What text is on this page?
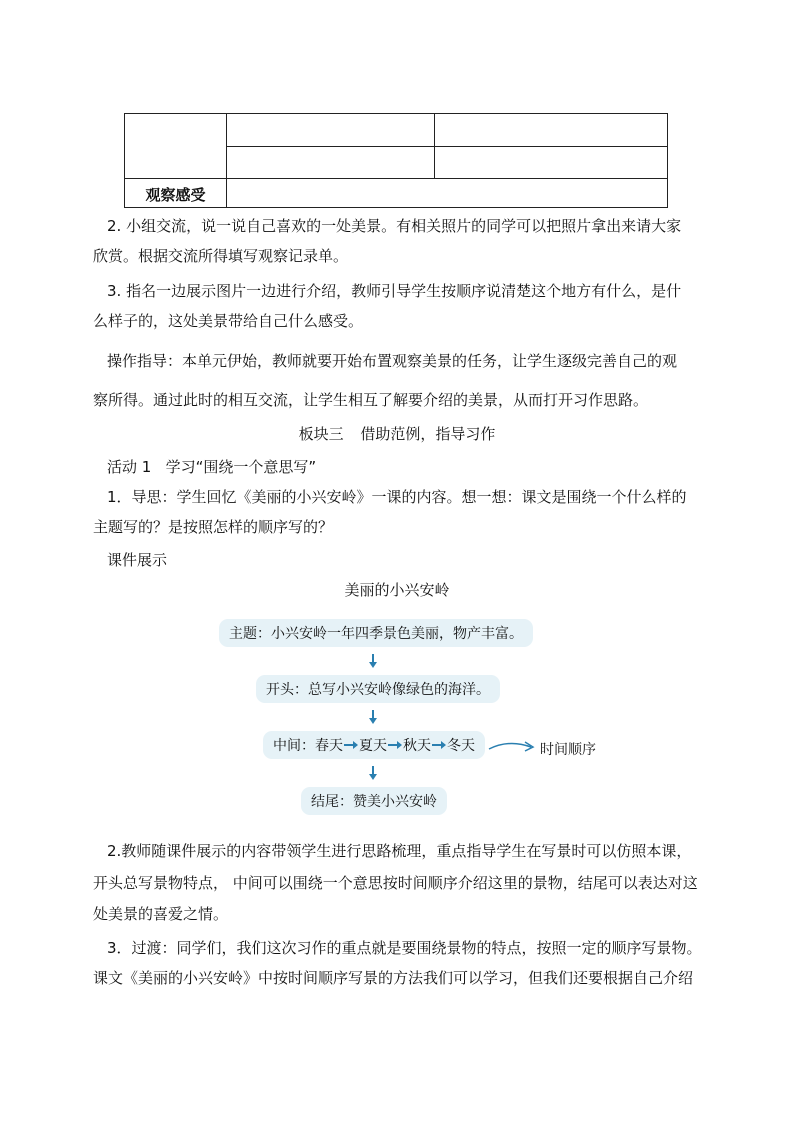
观察感受
2. 小组交流，说一说自己喜欢的一处美景。有相关照片的同学可以把照片拿出来请大家
欣赏。根据交流所得填写观察记录单。
3. 指名一边展示图片一边进行介绍，教师引导学生按顺序说清楚这个地方有什么，是什
么样子的，这处美景带给自己什么感受。
操作指导：本单元伊始，教师就要开始布置观察美景的任务，让学生逐级完善自己的观
察所得。通过此时的相互交流，让学生相互了解要介绍的美景，从而打开习作思路。
板块三 借助范例，指导习作
活动 1 学习“围绕一个意思写”
1．导思：学生回忆《美丽的小兴安岭》一课的内容。想一想：课文是围绕一个什么样的
主题写的？是按照怎样的顺序写的？
课件展示
美丽的小兴安岭
主题：小兴安岭一年四季景色美丽，物产丰富。
开头：总写小兴安岭像绿色的海洋。
中间： 春天 夏天 秋天 冬天	时间顺序
结尾：赞美小兴安岭
2.教师随课件展示的内容带领学生进行思路梳理，重点指导学生在写景时可以仿照本课，
开头总写景物特点， 中间可以围绕一个意思按时间顺序介绍这里的景物，结尾可以表达对这
处美景的喜爱之情。
3．过渡：同学们，我们这次习作的重点就是要围绕景物的特点，按照一定的顺序写景物。
课文《美丽的小兴安岭》中按时间顺序写景的方法我们可以学习，但我们还要根据自己介绍
